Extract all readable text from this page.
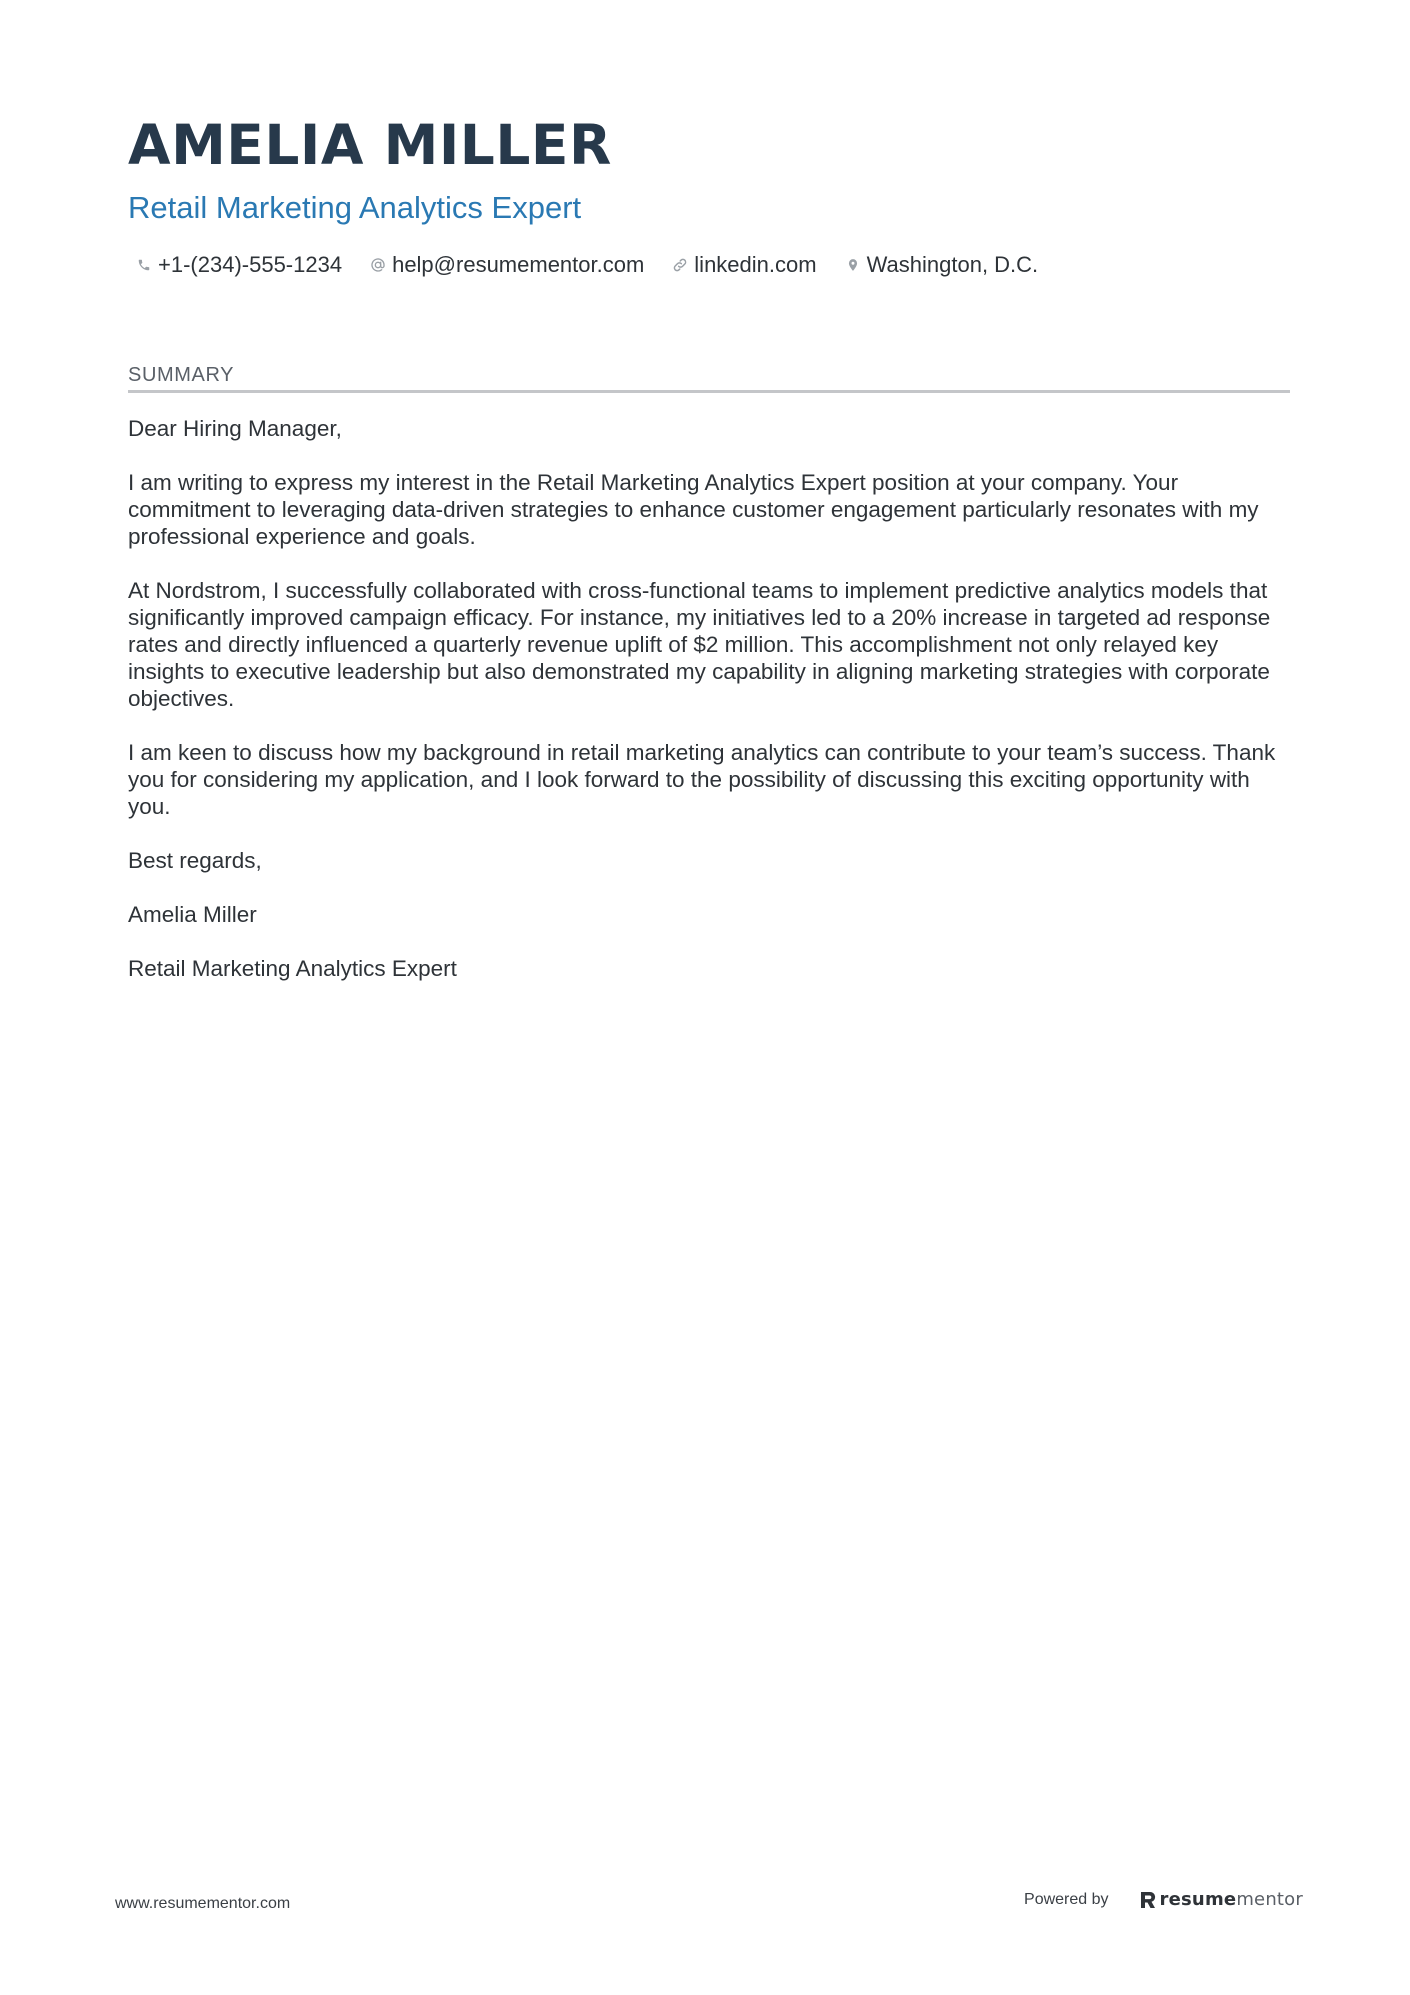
AMELIA MILLER
Retail Marketing Analytics Expert
+1-(234)-555-1234 help@resumementor.com linkedin.com Washington, D.C.
SUMMARY

Dear Hiring Manager,

I am writing to express my interest in the Retail Marketing Analytics Expert position at your company. Your commitment to leveraging data-driven strategies to enhance customer engagement particularly resonates with my professional experience and goals.

At Nordstrom, I successfully collaborated with cross-functional teams to implement predictive analytics models that significantly improved campaign efficacy. For instance, my initiatives led to a 20% increase in targeted ad response rates and directly influenced a quarterly revenue uplift of $2 million. This accomplishment not only relayed key insights to executive leadership but also demonstrated my capability in aligning marketing strategies with corporate objectives.

I am keen to discuss how my background in retail marketing analytics can contribute to your team’s success. Thank you for considering my application, and I look forward to the possibility of discussing this exciting opportunity with you.

Best regards,

Amelia Miller

Retail Marketing Analytics Expert

www.resumementor.com	Powered by	resumementor
